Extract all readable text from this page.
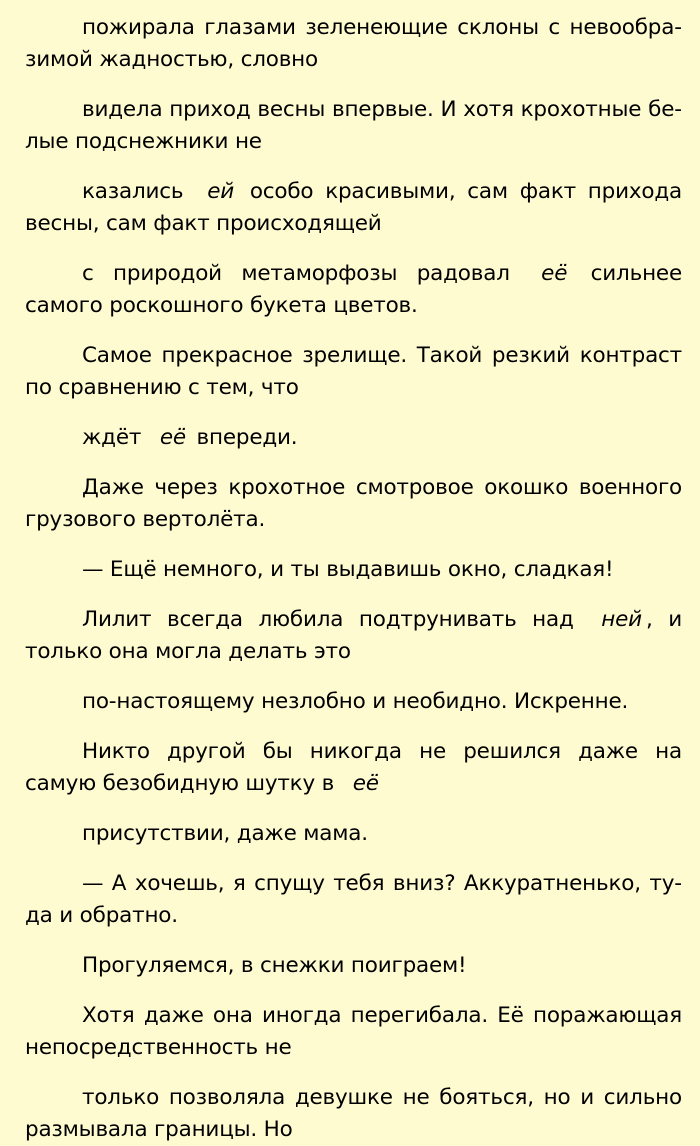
пожирала глазами зеленеющие склоны с невообразимой жадностью, словно

видела приход весны впервые. И хотя крохотные белые подснежники не

казались ей особо красивыми, сам факт прихода весны, сам факт происходящей

с природой метаморфозы радовал её сильнее самого роскошного букета цветов.

Самое прекрасное зрелище. Такой резкий контраст по сравнению с тем, что

ждёт её впереди.

Даже через крохотное смотровое окошко военного грузового вертолёта.

— Ещё немного, и ты выдавишь окно, сладкая!

Лилит всегда любила подтрунивать над ней , и только она могла делать это

по-настоящему незлобно и необидно. Искренне.

Никто другой бы никогда не решился даже на самую безобидную шутку в её

присутствии, даже мама.

— А хочешь, я спущу тебя вниз? Аккуратненько, туда и обратно.

Прогуляемся, в снежки поиграем!

Хотя даже она иногда перегибала. Её поражающая непосредственность не

только позволяла девушке не бояться, но и сильно размывала границы. Но
